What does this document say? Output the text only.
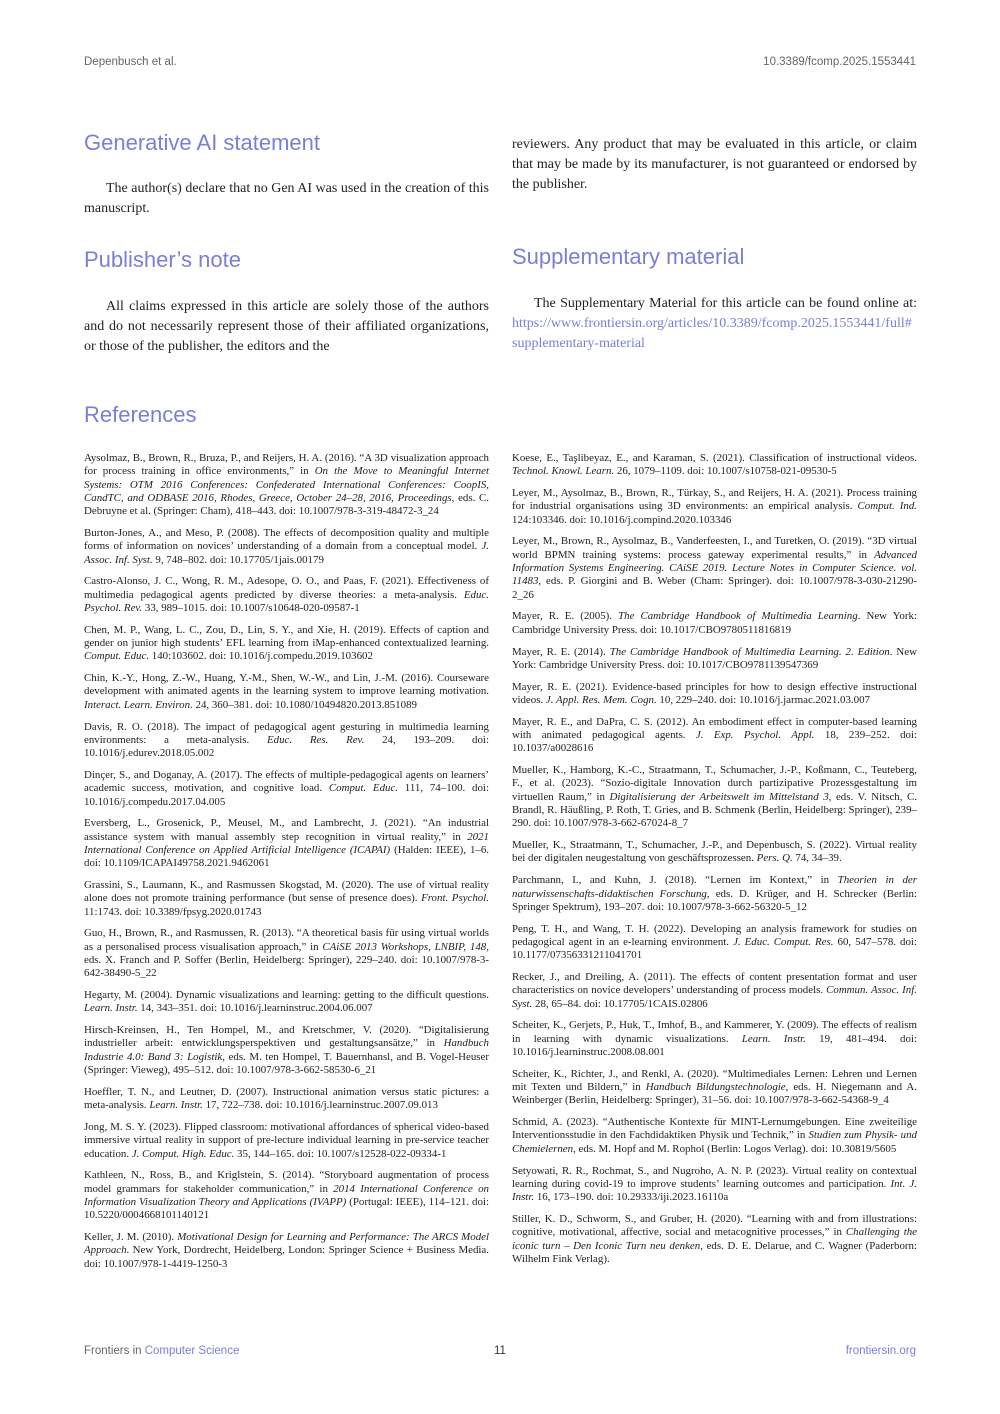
Depenbusch et al.	10.3389/fcomp.2025.1553441
Generative AI statement

The author(s) declare that no Gen AI was used in the creation of this manuscript.

Publisher’s note

All claims expressed in this article are solely those of the authors and do not necessarily represent those of their affiliated organizations, or those of the publisher, the editors and the

reviewers. Any product that may be evaluated in this article, or claim that may be made by its manufacturer, is not guaranteed or endorsed by the publisher.

Supplementary material

The Supplementary Material for this article can be found online at: https://www.frontiersin.org/articles/10.3389/fcomp.2025.1553441/full#supplementary-material

References

Aysolmaz, B., Brown, R., Bruza, P., and Reijers, H. A. (2016). “A 3D visualization approach for process training in office environments,” in On the Move to Meaningful Internet Systems: OTM 2016 Conferences: Confederated International Conferences: CoopIS, CandTC, and ODBASE 2016, Rhodes, Greece, October 24–28, 2016, Proceedings, eds. C. Debruyne et al. (Springer: Cham), 418–443. doi: 10.1007/978-3-319-48472-3_24

Burton-Jones, A., and Meso, P. (2008). The effects of decomposition quality and multiple forms of information on novices’ understanding of a domain from a conceptual model. J. Assoc. Inf. Syst. 9, 748–802. doi: 10.17705/1jais.00179

Castro-Alonso, J. C., Wong, R. M., Adesope, O. O., and Paas, F. (2021). Effectiveness of multimedia pedagogical agents predicted by diverse theories: a meta-analysis. Educ. Psychol. Rev. 33, 989–1015. doi: 10.1007/s10648-020-09587-1

Chen, M. P., Wang, L. C., Zou, D., Lin, S. Y., and Xie, H. (2019). Effects of caption and gender on junior high students’ EFL learning from iMap-enhanced contextualized learning. Comput. Educ. 140:103602. doi: 10.1016/j.compedu.2019.103602

Chin, K.-Y., Hong, Z.-W., Huang, Y.-M., Shen, W.-W., and Lin, J.-M. (2016). Courseware development with animated agents in the learning system to improve learning motivation. Interact. Learn. Environ. 24, 360–381. doi: 10.1080/10494820.2013.851089

Davis, R. O. (2018). The impact of pedagogical agent gesturing in multimedia learning environments: a meta-analysis. Educ. Res. Rev. 24, 193–209. doi: 10.1016/j.edurev.2018.05.002

Dinçer, S., and Doganay, A. (2017). The effects of multiple-pedagogical agents on learners’ academic success, motivation, and cognitive load. Comput. Educ. 111, 74–100. doi: 10.1016/j.compedu.2017.04.005

Eversberg, L., Grosenick, P., Meusel, M., and Lambrecht, J. (2021). “An industrial assistance system with manual assembly step recognition in virtual reality,” in 2021 International Conference on Applied Artificial Intelligence (ICAPAI) (Halden: IEEE), 1–6. doi: 10.1109/ICAPAI49758.2021.9462061

Grassini, S., Laumann, K., and Rasmussen Skogstad, M. (2020). The use of virtual reality alone does not promote training performance (but sense of presence does). Front. Psychol. 11:1743. doi: 10.3389/fpsyg.2020.01743

Guo, H., Brown, R., and Rasmussen, R. (2013). “A theoretical basis für using virtual worlds as a personalised process visualisation approach,” in CAiSE 2013 Workshops, LNBIP, 148, eds. X. Franch and P. Soffer (Berlin, Heidelberg: Springer), 229–240. doi: 10.1007/978-3-642-38490-5_22

Hegarty, M. (2004). Dynamic visualizations and learning: getting to the difficult questions. Learn. Instr. 14, 343–351. doi: 10.1016/j.learninstruc.2004.06.007

Hirsch-Kreinsen, H., Ten Hompel, M., and Kretschmer, V. (2020). “Digitalisierung industrieller arbeit: entwicklungsperspektiven und gestaltungsansätze,” in Handbuch Industrie 4.0: Band 3: Logistik, eds. M. ten Hompel, T. Bauernhansl, and B. Vogel-Heuser (Springer: Vieweg), 495–512. doi: 10.1007/978-3-662-58530-6_21

Hoeffler, T. N., and Leutner, D. (2007). Instructional animation versus static pictures: a meta-analysis. Learn. Instr. 17, 722–738. doi: 10.1016/j.learninstruc.2007.09.013

Jong, M. S. Y. (2023). Flipped classroom: motivational affordances of spherical video-based immersive virtual reality in support of pre-lecture individual learning in pre-service teacher education. J. Comput. High. Educ. 35, 144–165. doi: 10.1007/s12528-022-09334-1

Kathleen, N., Ross, B., and Kriglstein, S. (2014). “Storyboard augmentation of process model grammars for stakeholder communication,” in 2014 International Conference on Information Visualization Theory and Applications (IVAPP) (Portugal: IEEE), 114–121. doi: 10.5220/0004668101140121

Keller, J. M. (2010). Motivational Design for Learning and Performance: The ARCS Model Approach. New York, Dordrecht, Heidelberg, London: Springer Science + Business Media. doi: 10.1007/978-1-4419-1250-3

Koese, E., Taşlibeyaz, E., and Karaman, S. (2021). Classification of instructional videos. Technol. Knowl. Learn. 26, 1079–1109. doi: 10.1007/s10758-021-09530-5

Leyer, M., Aysolmaz, B., Brown, R., Türkay, S., and Reijers, H. A. (2021). Process training for industrial organisations using 3D environments: an empirical analysis. Comput. Ind. 124:103346. doi: 10.1016/j.compind.2020.103346

Leyer, M., Brown, R., Aysolmaz, B., Vanderfeesten, I., and Turetken, O. (2019). “3D virtual world BPMN training systems: process gateway experimental results,” in Advanced Information Systems Engineering. CAiSE 2019. Lecture Notes in Computer Science. vol. 11483, eds. P. Giorgini and B. Weber (Cham: Springer). doi: 10.1007/978-3-030-21290-2_26

Mayer, R. E. (2005). The Cambridge Handbook of Multimedia Learning. New York: Cambridge University Press. doi: 10.1017/CBO9780511816819

Mayer, R. E. (2014). The Cambridge Handbook of Multimedia Learning. 2. Edition. New York: Cambridge University Press. doi: 10.1017/CBO9781139547369

Mayer, R. E. (2021). Evidence-based principles for how to design effective instructional videos. J. Appl. Res. Mem. Cogn. 10, 229–240. doi: 10.1016/j.jarmac.2021.03.007

Mayer, R. E., and DaPra, C. S. (2012). An embodiment effect in computer-based learning with animated pedagogical agents. J. Exp. Psychol. Appl. 18, 239–252. doi: 10.1037/a0028616

Mueller, K., Hamborg, K.-C., Straatmann, T., Schumacher, J.-P., Koßmann, C., Teuteberg, F., et al. (2023). “Sozio-digitale Innovation durch partizipative Prozessgestaltung im virtuellen Raum,” in Digitalisierung der Arbeitswelt im Mittelstand 3, eds. V. Nitsch, C. Brandl, R. Häußling, P. Roth, T. Gries, and B. Schmenk (Berlin, Heidelberg: Springer), 239–290. doi: 10.1007/978-3-662-67024-8_7

Mueller, K., Straatmann, T., Schumacher, J.-P., and Depenbusch, S. (2022). Virtual reality bei der digitalen neugestaltung von geschäftsprozessen. Pers. Q. 74, 34–39.

Parchmann, I., and Kuhn, J. (2018). “Lernen im Kontext,” in Theorien in der naturwissenschafts-didaktischen Forschung, eds. D. Krüger, and H. Schrecker (Berlin: Springer Spektrum), 193–207. doi: 10.1007/978-3-662-56320-5_12

Peng, T. H., and Wang, T. H. (2022). Developing an analysis framework for studies on pedagogical agent in an e-learning environment. J. Educ. Comput. Res. 60, 547–578. doi: 10.1177/07356331211041701

Recker, J., and Dreiling, A. (2011). The effects of content presentation format and user characteristics on novice developers’ understanding of process models. Commun. Assoc. Inf. Syst. 28, 65–84. doi: 10.17705/1CAIS.02806

Scheiter, K., Gerjets, P., Huk, T., Imhof, B., and Kammerer, Y. (2009). The effects of realism in learning with dynamic visualizations. Learn. Instr. 19, 481–494. doi: 10.1016/j.learninstruc.2008.08.001

Scheiter, K., Richter, J., and Renkl, A. (2020). “Multimediales Lernen: Lehren und Lernen mit Texten und Bildern,” in Handbuch Bildungstechnologie, eds. H. Niegemann and A. Weinberger (Berlin, Heidelberg: Springer), 31–56. doi: 10.1007/978-3-662-54368-9_4

Schmid, A. (2023). “Authentische Kontexte für MINT-Lernumgebungen. Eine zweiteilige Interventionsstudie in den Fachdidaktiken Physik und Technik,” in Studien zum Physik- und Chemielernen, eds. M. Hopf and M. Rophol (Berlin: Logos Verlag). doi: 10.30819/5605

Setyowati, R. R., Rochmat, S., and Nugroho, A. N. P. (2023). Virtual reality on contextual learning during covid-19 to improve students’ learning outcomes and participation. Int. J. Instr. 16, 173–190. doi: 10.29333/iji.2023.16110a

Stiller, K. D., Schworm, S., and Gruber, H. (2020). “Learning with and from illustrations: cognitive, motivational, affective, social and metacognitive processes,” in Challenging the iconic turn – Den Iconic Turn neu denken, eds. D. E. Delarue, and C. Wagner (Paderborn: Wilhelm Fink Verlag).

Frontiers in Computer Science	11	frontiersin.org
